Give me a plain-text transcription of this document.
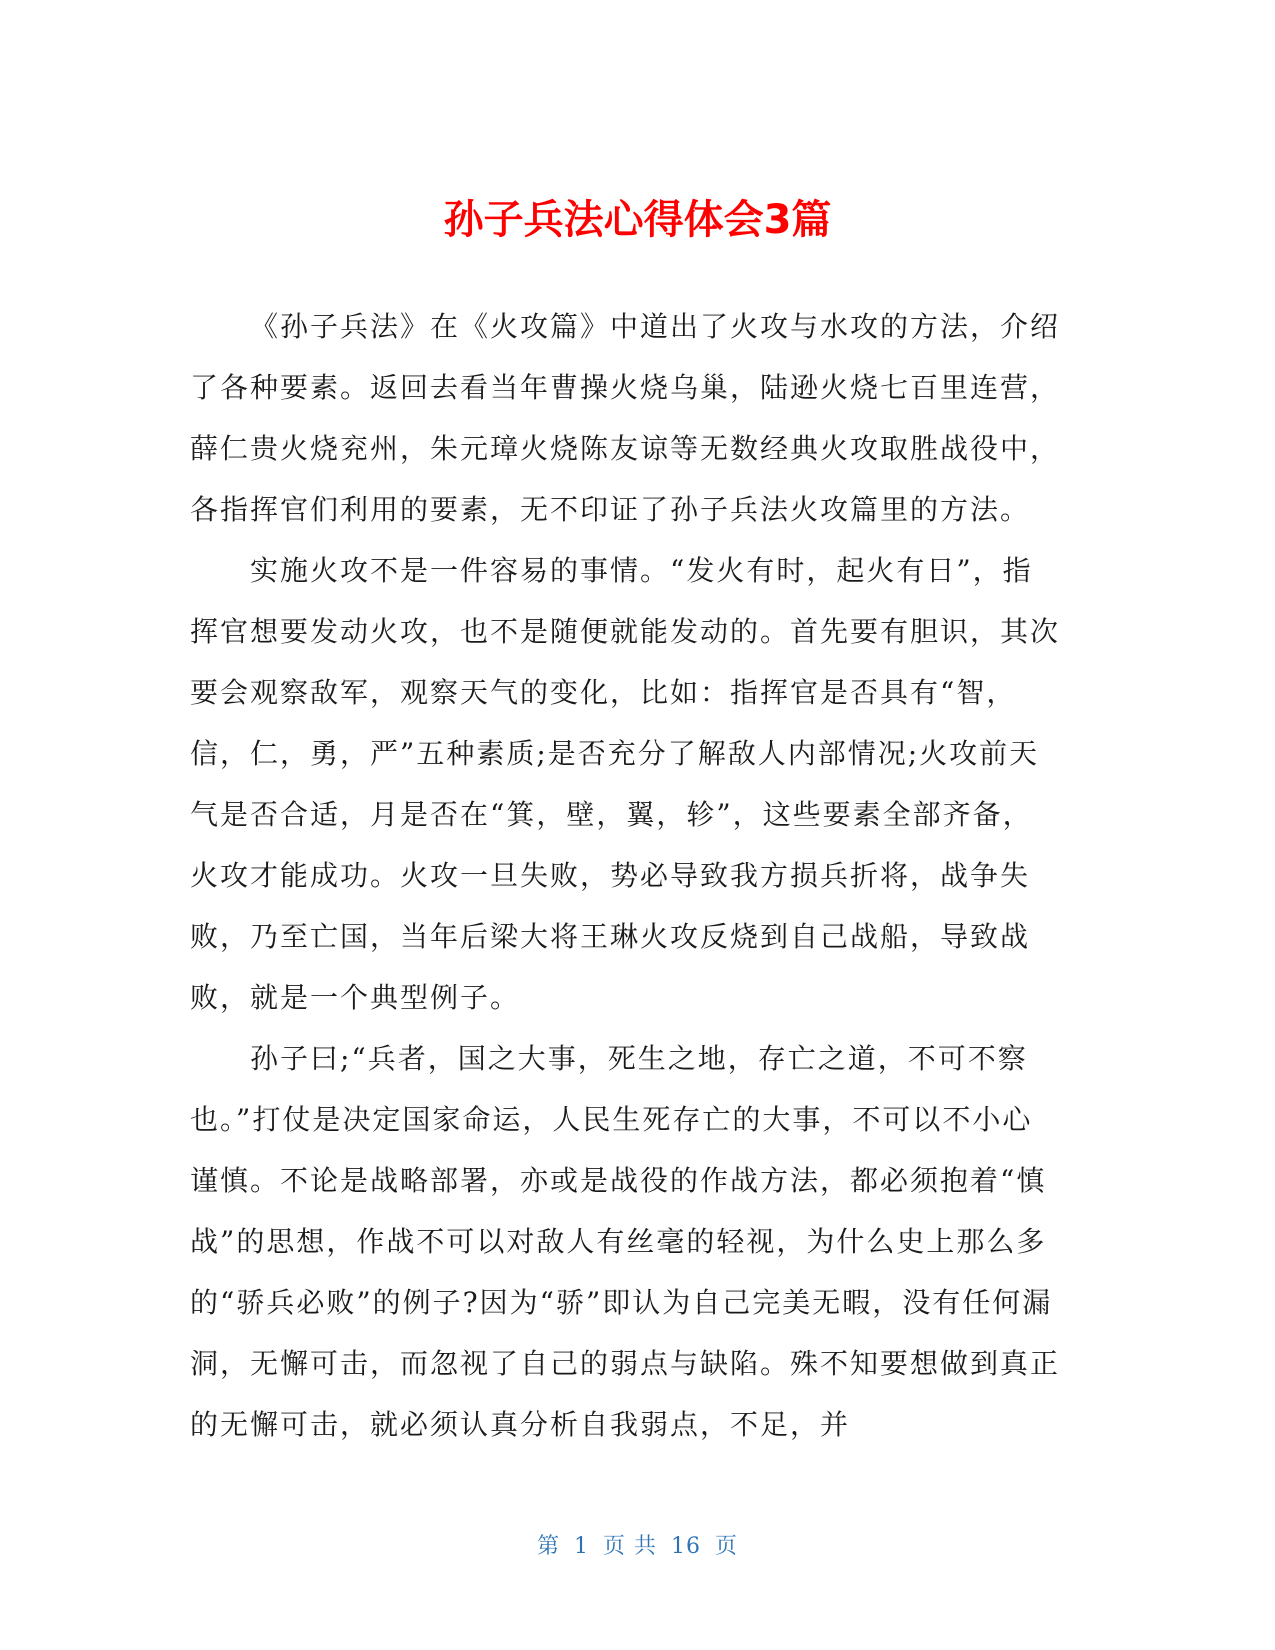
孙子兵法心得体会3篇

《孙子兵法》在《火攻篇》中道出了火攻与水攻的方法，介绍了各种要素。返回去看当年曹操火烧乌巢，陆逊火烧七百里连营，薛仁贵火烧兖州，朱元璋火烧陈友谅等无数经典火攻取胜战役中，各指挥官们利用的要素，无不印证了孙子兵法火攻篇里的方法。

实施火攻不是一件容易的事情。“发火有时，起火有日”，指挥官想要发动火攻，也不是随便就能发动的。首先要有胆识，其次要会观察敌军，观察天气的变化，比如：指挥官是否具有“智，信，仁，勇，严”五种素质;是否充分了解敌人内部情况;火攻前天气是否合适，月是否在“箕，壁，翼，轸”，这些要素全部齐备，火攻才能成功。火攻一旦失败，势必导致我方损兵折将，战争失败，乃至亡国，当年后梁大将王琳火攻反烧到自己战船，导致战败，就是一个典型例子。

孙子曰;“兵者，国之大事，死生之地，存亡之道，不可不察也。”打仗是决定国家命运，人民生死存亡的大事，不可以不小心谨慎。不论是战略部署，亦或是战役的作战方法，都必须抱着“慎战”的思想，作战不可以对敌人有丝毫的轻视，为什么史上那么多的“骄兵必败”的例子?因为“骄”即认为自己完美无暇，没有任何漏洞，无懈可击，而忽视了自己的弱点与缺陷。殊不知要想做到真正的无懈可击，就必须认真分析自我弱点，不足，并

第 1 页 共 16 页
